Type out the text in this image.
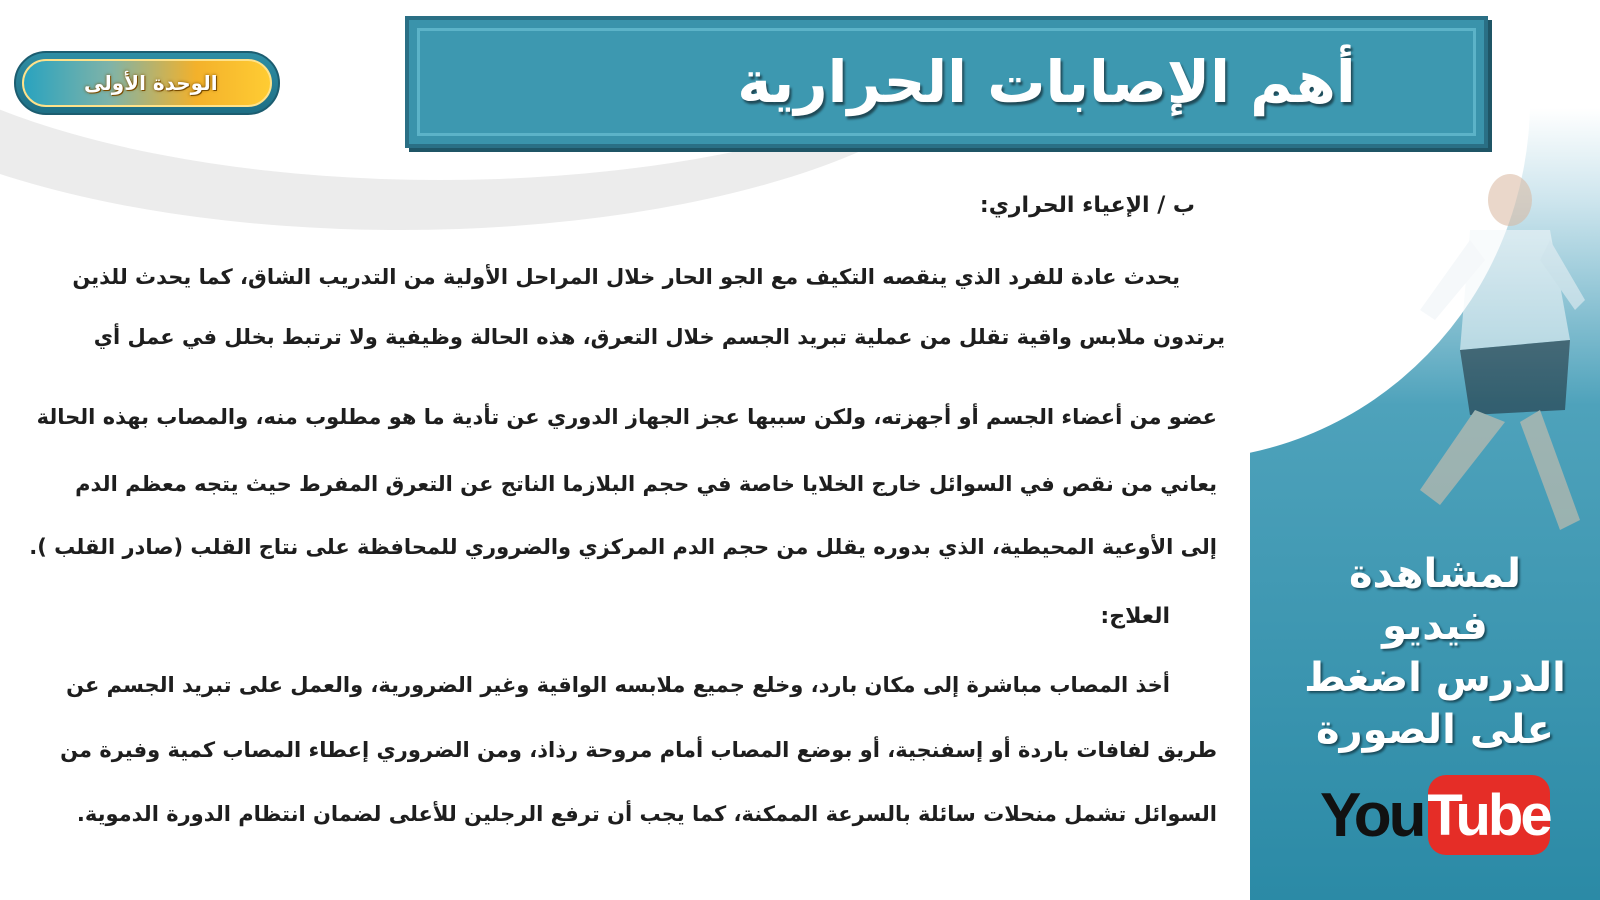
الوحدة الأولى	أهم الإصابات الحرارية
لمشاهدة فيديو
الدرس اضغط
على الصورة
You Tube
ب / الإعياء الحراري:
يحدث عادة للفرد الذي ينقصه التكيف مع الجو الحار خلال المراحل الأولية من التدريب الشاق، كما يحدث للذين
يرتدون ملابس واقية تقلل من عملية تبريد الجسم خلال التعرق، هذه الحالة وظيفية ولا ترتبط بخلل في عمل أي
عضو من أعضاء الجسم أو أجهزته، ولكن سببها عجز الجهاز الدوري عن تأدية ما هو مطلوب منه، والمصاب بهذه الحالة
يعاني من نقص في السوائل خارج الخلايا خاصة في حجم البلازما الناتج عن التعرق المفرط حيث يتجه معظم الدم
إلى الأوعية المحيطية، الذي بدوره يقلل من حجم الدم المركزي والضروري للمحافظة على نتاج القلب (صادر القلب ).
العلاج:
أخذ المصاب مباشرة إلى مكان بارد، وخلع جميع ملابسه الواقية وغير الضرورية، والعمل على تبريد الجسم عن
طريق لفافات باردة أو إسفنجية، أو بوضع المصاب أمام مروحة رذاذ، ومن الضروري إعطاء المصاب كمية وفيرة من
السوائل تشمل منحلات سائلة بالسرعة الممكنة، كما يجب أن ترفع الرجلين للأعلى لضمان انتظام الدورة الدموية.
